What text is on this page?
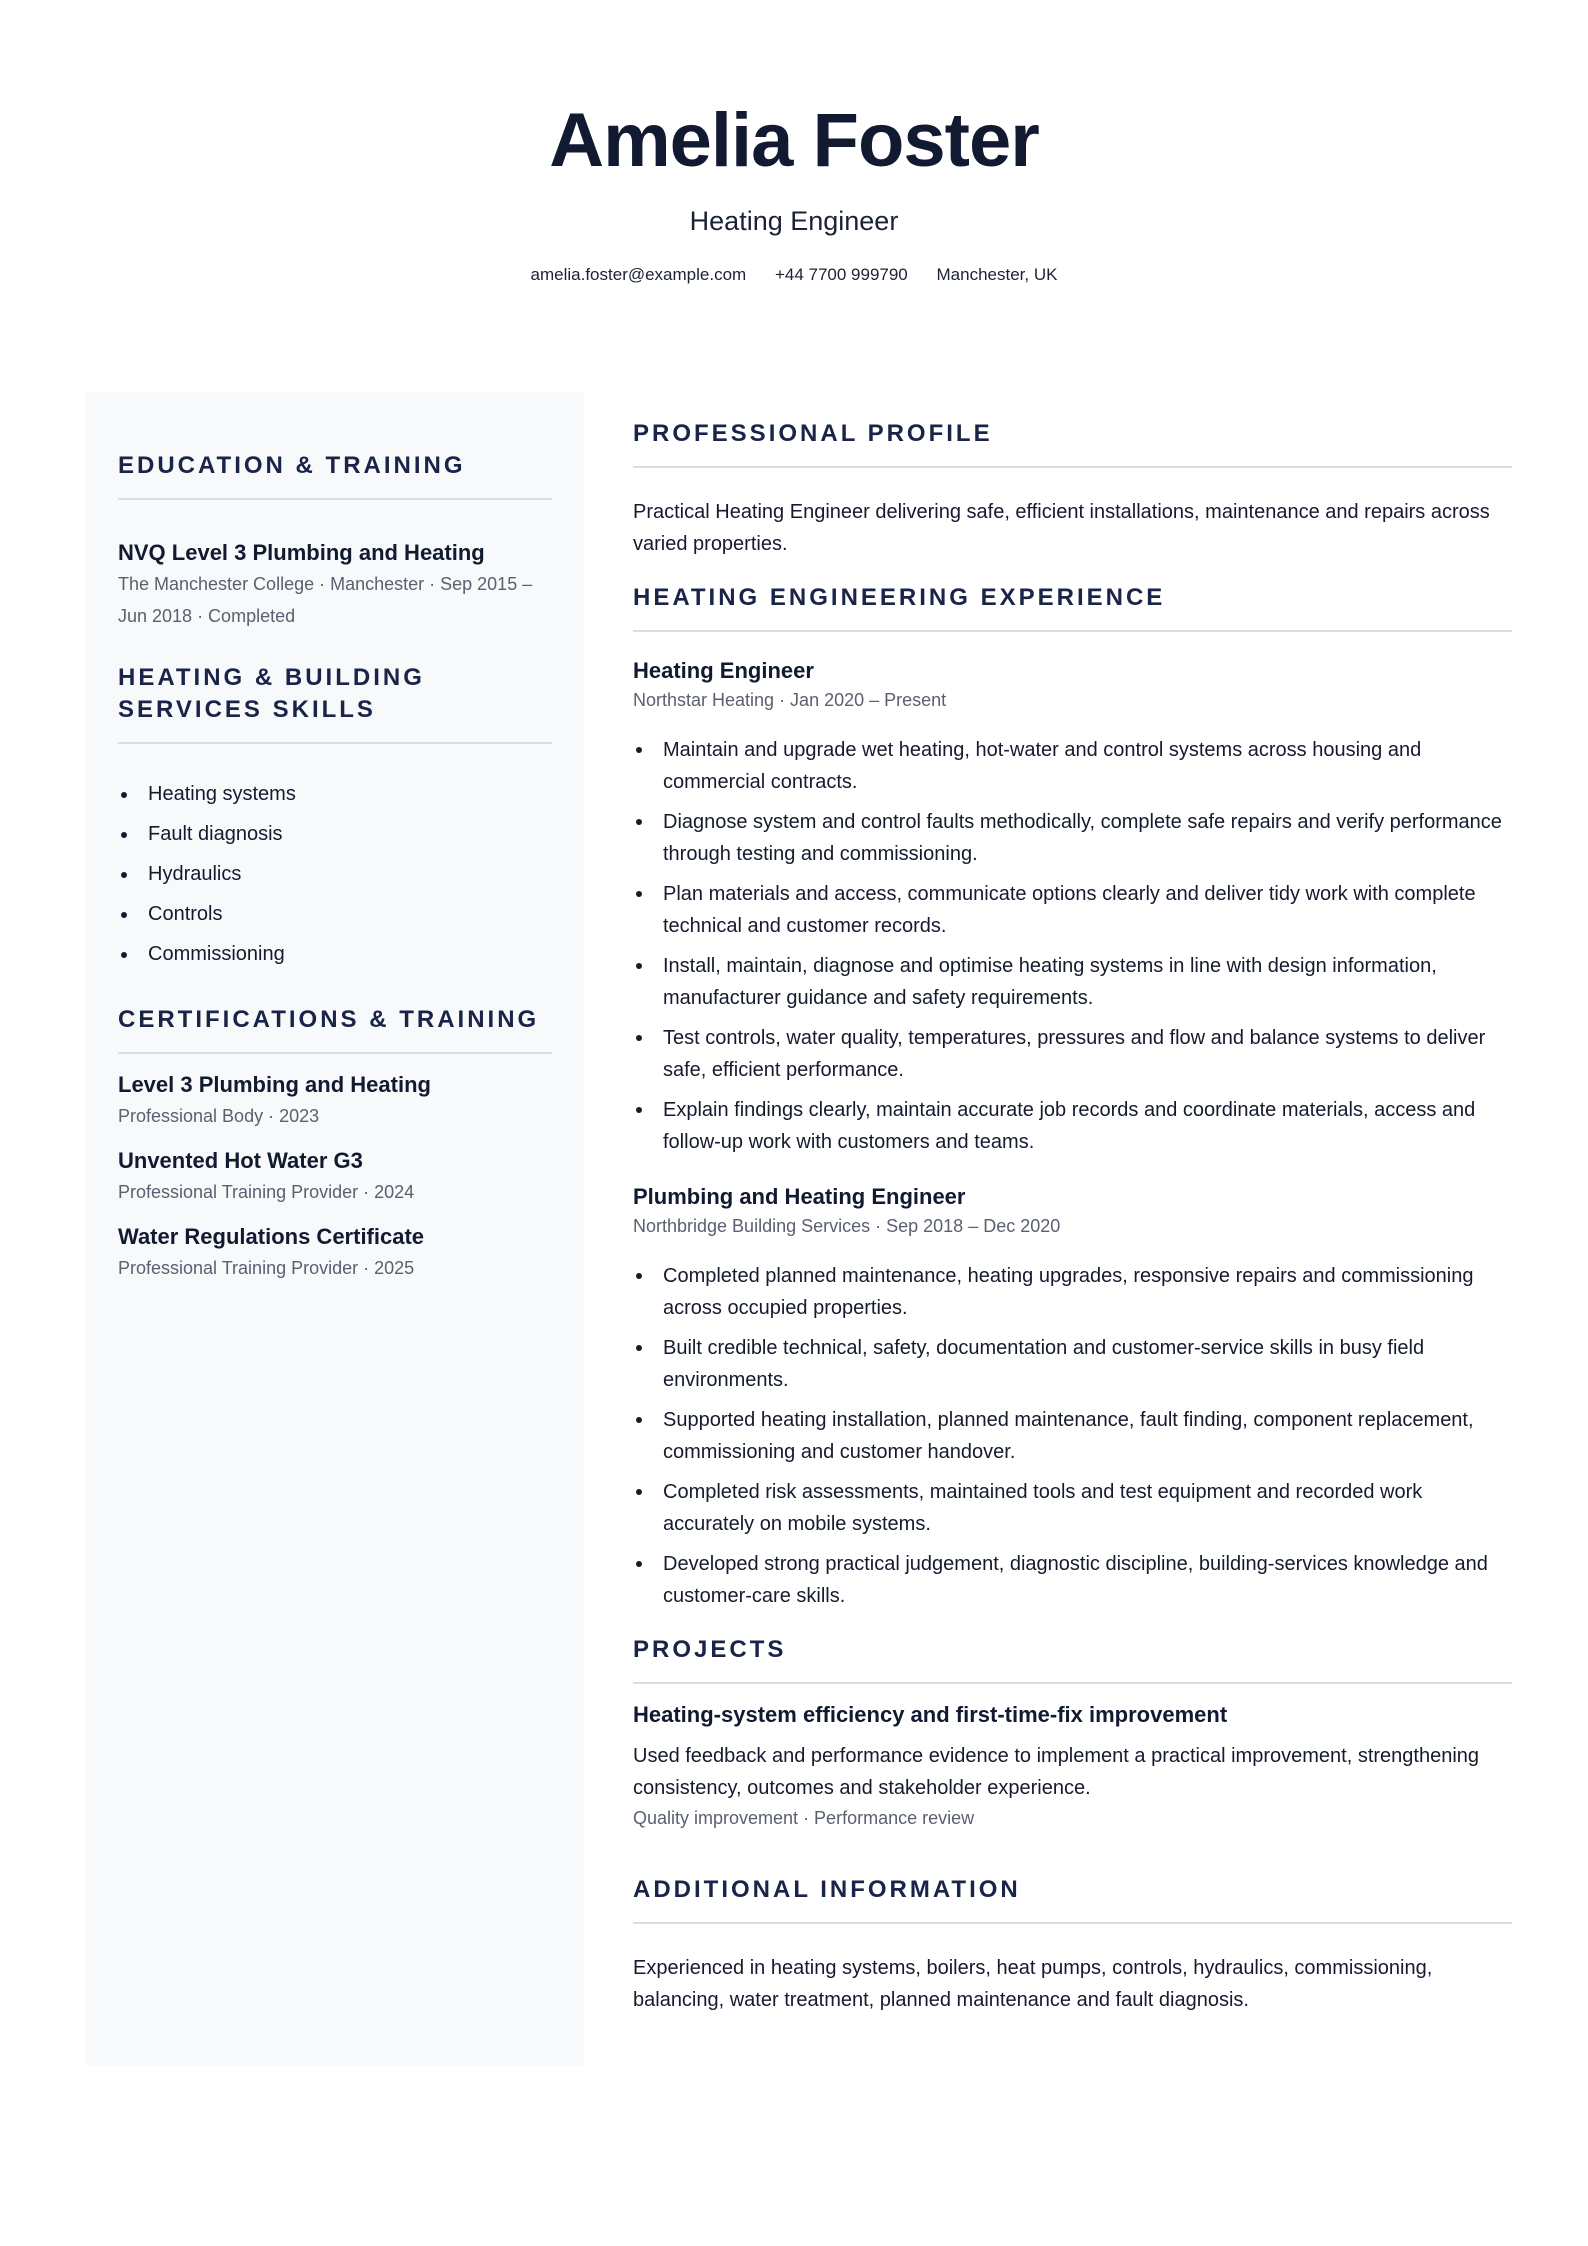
Amelia Foster
Heating Engineer
amelia.foster@example.com +44 7700 999790 Manchester, UK
EDUCATION & TRAINING
NVQ Level 3 Plumbing and Heating
The Manchester College · Manchester · Sep 2015 – Jun 2018 · Completed
HEATING & BUILDING SERVICES SKILLS
Heating systems
Fault diagnosis
Hydraulics
Controls
Commissioning
CERTIFICATIONS & TRAINING
Level 3 Plumbing and Heating
Professional Body · 2023
Unvented Hot Water G3
Professional Training Provider · 2024
Water Regulations Certificate
Professional Training Provider · 2025
PROFESSIONAL PROFILE

Practical Heating Engineer delivering safe, efficient installations, maintenance and repairs across varied properties.

HEATING ENGINEERING EXPERIENCE
Heating Engineer
Northstar Heating · Jan 2020 – Present
Maintain and upgrade wet heating, hot-water and control systems across housing and commercial contracts.
Diagnose system and control faults methodically, complete safe repairs and verify performance through testing and commissioning.
Plan materials and access, communicate options clearly and deliver tidy work with complete technical and customer records.
Install, maintain, diagnose and optimise heating systems in line with design information, manufacturer guidance and safety requirements.
Test controls, water quality, temperatures, pressures and flow and balance systems to deliver safe, efficient performance.
Explain findings clearly, maintain accurate job records and coordinate materials, access and follow-up work with customers and teams.
Plumbing and Heating Engineer
Northbridge Building Services · Sep 2018 – Dec 2020
Completed planned maintenance, heating upgrades, responsive repairs and commissioning across occupied properties.
Built credible technical, safety, documentation and customer-service skills in busy field environments.
Supported heating installation, planned maintenance, fault finding, component replacement, commissioning and customer handover.
Completed risk assessments, maintained tools and test equipment and recorded work accurately on mobile systems.
Developed strong practical judgement, diagnostic discipline, building-services knowledge and customer-care skills.
PROJECTS
Heating-system efficiency and first-time-fix improvement

Used feedback and performance evidence to implement a practical improvement, strengthening consistency, outcomes and stakeholder experience.

Quality improvement · Performance review
ADDITIONAL INFORMATION

Experienced in heating systems, boilers, heat pumps, controls, hydraulics, commissioning, balancing, water treatment, planned maintenance and fault diagnosis.
